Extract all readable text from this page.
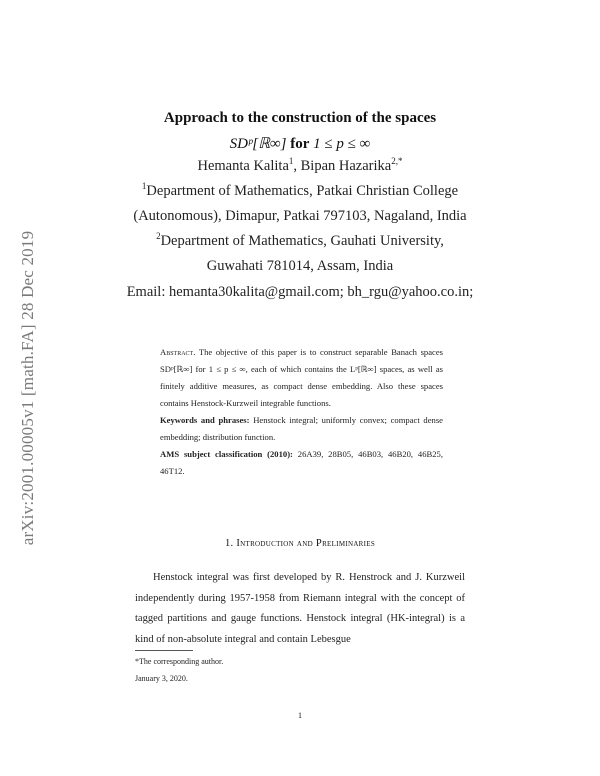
arXiv:2001.00005v1 [math.FA] 28 Dec 2019
Approach to the construction of the spaces
SDᵖ[ℝ∞] for 1 ≤ p ≤ ∞
Hemanta Kalita$^1$, Bipan Hazarika$^{2,*}$
$^1$Department of Mathematics, Patkai Christian College
(Autonomous), Dimapur, Patkai 797103, Nagaland, India
$^2$Department of Mathematics, Gauhati University,
Guwahati 781014, Assam, India
Email: hemanta30kalita@gmail.com; bh_rgu@yahoo.co.in;

Abstract. The objective of this paper is to construct separable Banach spaces SDᵖ[ℝ∞] for 1 ≤ p ≤ ∞, each of which contains the Lᵖ[ℝ∞] spaces, as well as finitely additive measures, as compact dense embedding. Also these spaces contains Henstock-Kurzweil integrable functions.

Keywords and phrases: Henstock integral; uniformly convex; compact dense embedding; distribution function.

AMS subject classification (2010): 26A39, 28B05, 46B03, 46B20, 46B25, 46T12.

1. Introduction and Preliminaries

Henstock integral was first developed by R. Henstrock and J. Kurzweil independently during 1957-1958 from Riemann integral with the concept of tagged partitions and gauge functions. Henstock integral (HK-integral) is a kind of non-absolute integral and contain Lebesgue

*The corresponding author.
January 3, 2020.
1
